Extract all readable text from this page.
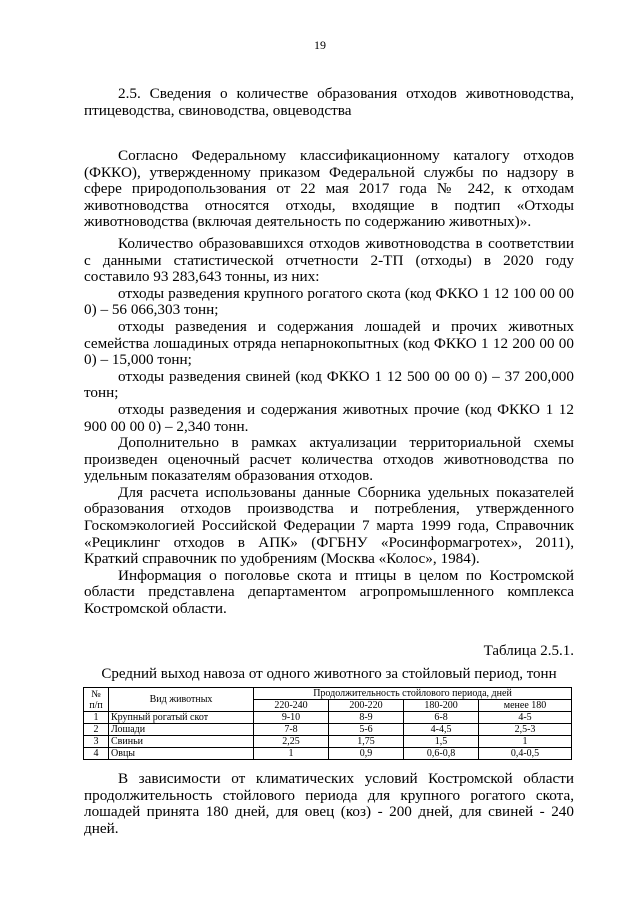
19

2.5. Сведения о количестве образования отходов животноводства, птицеводства, свиноводства, овцеводства

Согласно Федеральному классификационному каталогу отходов (ФККО), утвержденному приказом Федеральной службы по надзору в сфере природопользования от 22 мая 2017 года № 242, к отходам животноводства относятся отходы, входящие в подтип «Отходы животноводства (включая деятельность по содержанию животных)».

Количество образовавшихся отходов животноводства в соответствии с данными статистической отчетности 2-ТП (отходы) в 2020 году составило 93 283,643 тонны, из них:

отходы разведения крупного рогатого скота (код ФККО 1 12 100 00 00 0) – 56 066,303 тонн;

отходы разведения и содержания лошадей и прочих животных семейства лошадиных отряда непарнокопытных (код ФККО 1 12 200 00 00 0) – 15,000 тонн;

отходы разведения свиней (код ФККО 1 12 500 00 00 0) – 37 200,000 тонн;

отходы разведения и содержания животных прочие (код ФККО 1 12 900 00 00 0) – 2,340 тонн.

Дополнительно в рамках актуализации территориальной схемы произведен оценочный расчет количества отходов животноводства по удельным показателям образования отходов.

Для расчета использованы данные Сборника удельных показателей образования отходов производства и потребления, утвержденного Госкомэкологией Российской Федерации 7 марта 1999 года, Справочник «Рециклинг отходов в АПК» (ФГБНУ «Росинформагротех», 2011), Краткий справочник по удобрениям (Москва «Колос», 1984).

Информация о поголовье скота и птицы в целом по Костромской области представлена департаментом агропромышленного комплекса Костромской области.

Таблица 2.5.1.
Средний выход навоза от одного животного за стойловый период, тонн
№ п/п	Вид животных	Продолжительность стойлового периода, дней			
		220-240	200-220	180-200	менее 180
1	Крупный рогатый скот	9-10	8-9	6-8	4-5
2	Лошади	7-8	5-6	4-4,5	2,5-3
3	Свиньи	2,25	1,75	1,5	1
4	Овцы	1	0,9	0,6-0,8	0,4-0,5

В зависимости от климатических условий Костромской области продолжительность стойлового периода для крупного рогатого скота, лошадей принята 180 дней, для овец (коз) - 200 дней, для свиней - 240 дней.
